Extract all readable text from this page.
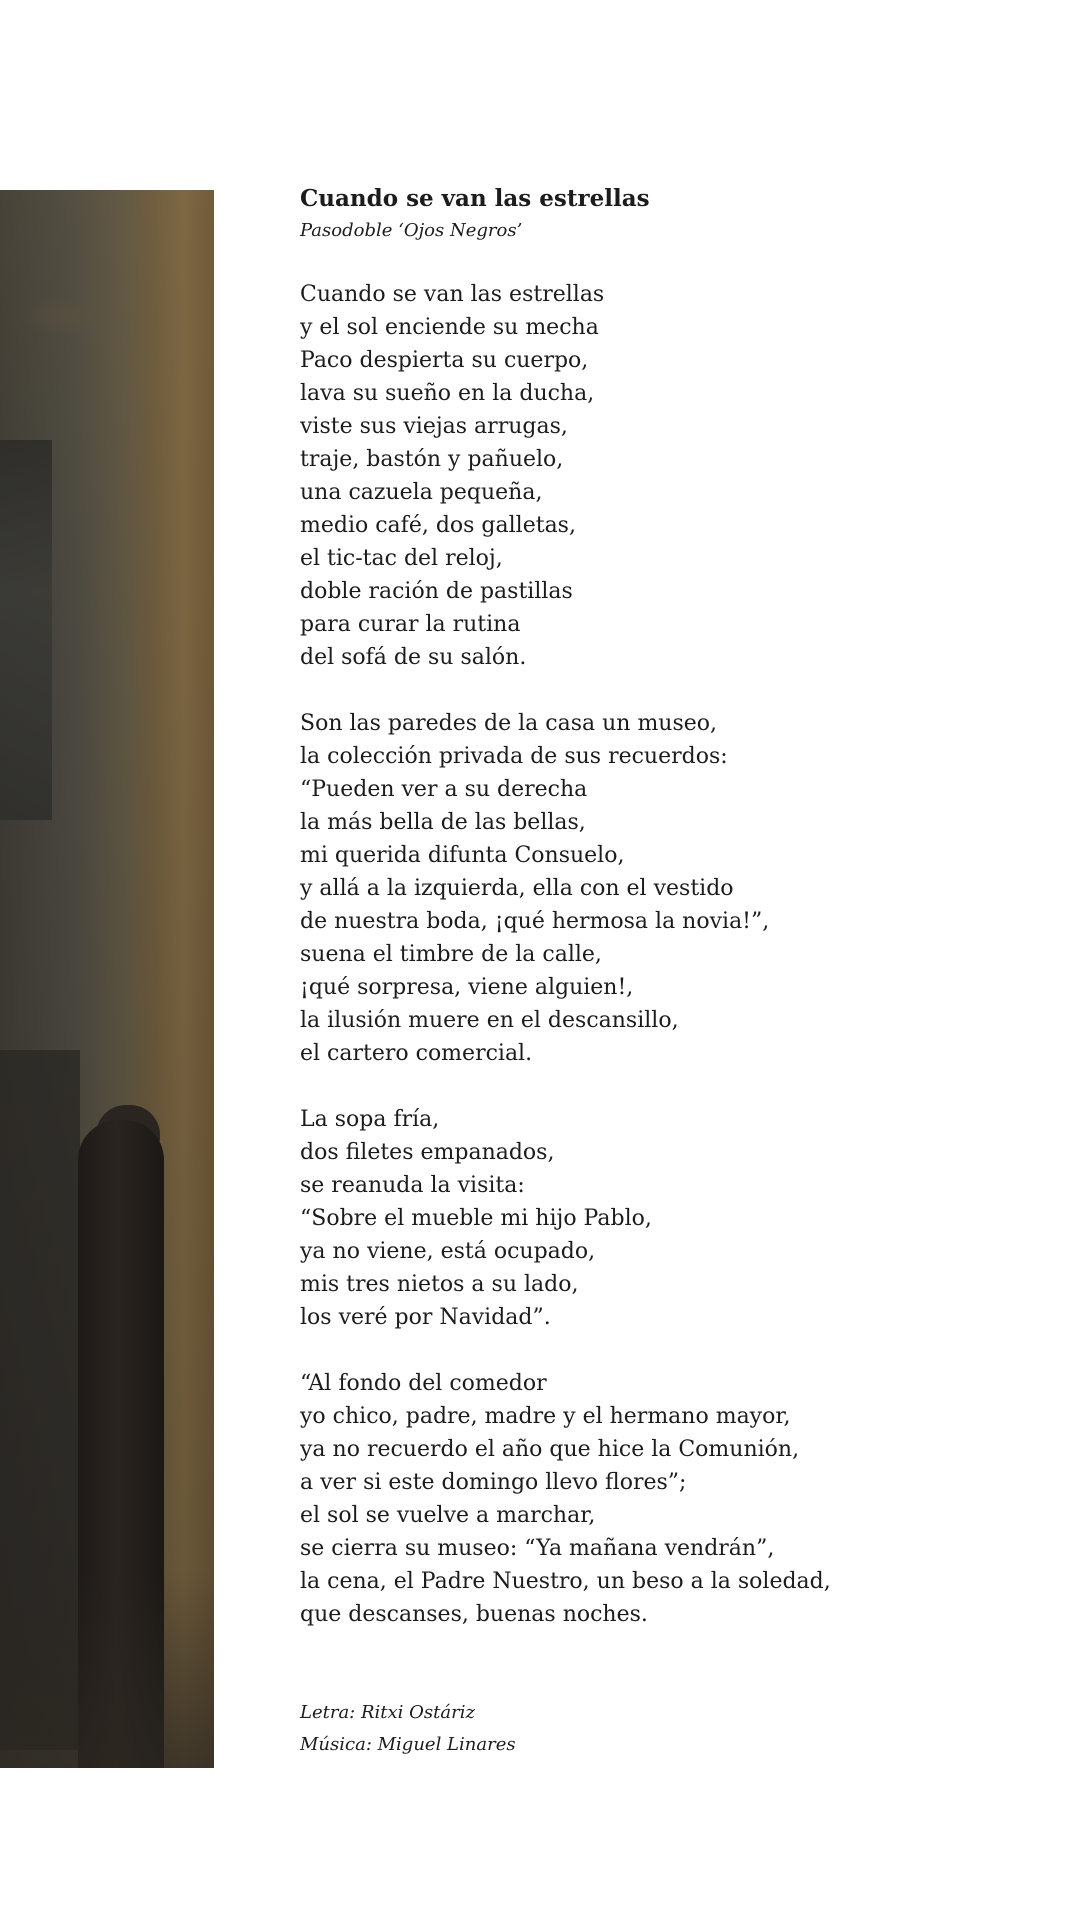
Cuando se van las estrellas

Pasodoble ‘Ojos Negros’

Cuando se van las estrellas
y el sol enciende su mecha
Paco despierta su cuerpo,
lava su sueño en la ducha,
viste sus viejas arrugas,
traje, bastón y pañuelo,
una cazuela pequeña,
medio café, dos galletas,
el tic-tac del reloj,
doble ración de pastillas
para curar la rutina
del sofá de su salón.
Son las paredes de la casa un museo,
la colección privada de sus recuerdos:
“Pueden ver a su derecha
la más bella de las bellas,
mi querida difunta Consuelo,
y allá a la izquierda, ella con el vestido
de nuestra boda, ¡qué hermosa la novia!”,
suena el timbre de la calle,
¡qué sorpresa, viene alguien!,
la ilusión muere en el descansillo,
el cartero comercial.
La sopa fría,
dos filetes empanados,
se reanuda la visita:
“Sobre el mueble mi hijo Pablo,
ya no viene, está ocupado,
mis tres nietos a su lado,
los veré por Navidad”.
“Al fondo del comedor
yo chico, padre, madre y el hermano mayor,
ya no recuerdo el año que hice la Comunión,
a ver si este domingo llevo flores”;
el sol se vuelve a marchar,
se cierra su museo: “Ya mañana vendrán”,
la cena, el Padre Nuestro, un beso a la soledad,
que descanses, buenas noches.
Letra: Ritxi Ostáriz
Música: Miguel Linares
